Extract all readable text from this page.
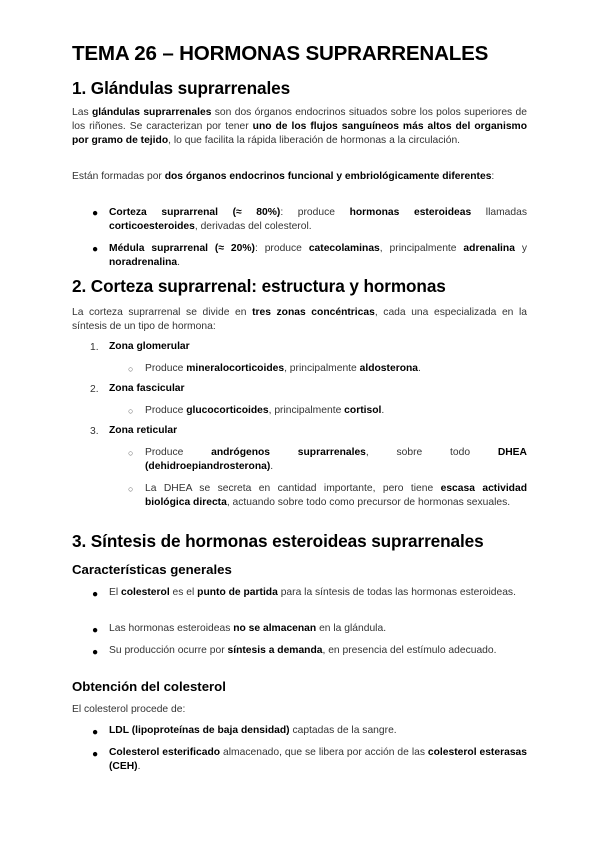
TEMA 26 – HORMONAS SUPRARRENALES
1. Glándulas suprarrenales
Las glándulas suprarrenales son dos órganos endocrinos situados sobre los polos superiores de los riñones. Se caracterizan por tener uno de los flujos sanguíneos más altos del organismo por gramo de tejido, lo que facilita la rápida liberación de hormonas a la circulación.
Están formadas por dos órganos endocrinos funcional y embriológicamente diferentes:
● Corteza suprarrenal (≈ 80%): produce hormonas esteroideas llamadas corticoesteroides, derivadas del colesterol.
● Médula suprarrenal (≈ 20%): produce catecolaminas, principalmente adrenalina y noradrenalina.
2. Corteza suprarrenal: estructura y hormonas
La corteza suprarrenal se divide en tres zonas concéntricas, cada una especializada en la síntesis de un tipo de hormona:
1. Zona glomerular
○ Produce mineralocorticoides, principalmente aldosterona.
2. Zona fascicular
○ Produce glucocorticoides, principalmente cortisol.
3. Zona reticular
○ Produce andrógenos suprarrenales, sobre todo DHEA (dehidroepiandrosterona).
○ La DHEA se secreta en cantidad importante, pero tiene escasa actividad biológica directa, actuando sobre todo como precursor de hormonas sexuales.
3. Síntesis de hormonas esteroideas suprarrenales
Características generales
● El colesterol es el punto de partida para la síntesis de todas las hormonas esteroideas.
● Las hormonas esteroideas no se almacenan en la glándula.
● Su producción ocurre por síntesis a demanda, en presencia del estímulo adecuado.
Obtención del colesterol
El colesterol procede de:
● LDL (lipoproteínas de baja densidad) captadas de la sangre.
● Colesterol esterificado almacenado, que se libera por acción de las colesterol esterasas (CEH).
